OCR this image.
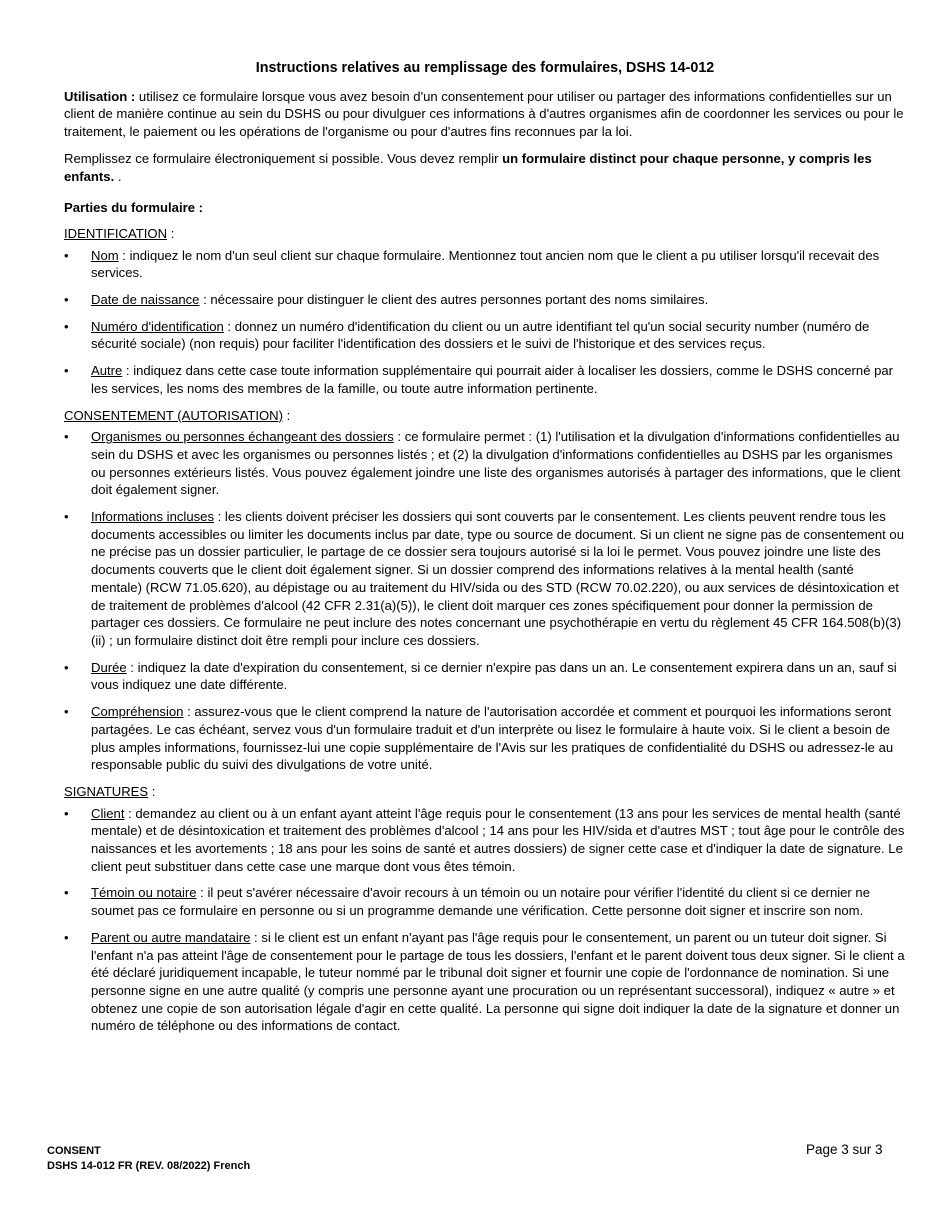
Instructions relatives au remplissage des formulaires, DSHS 14-012

Utilisation : utilisez ce formulaire lorsque vous avez besoin d'un consentement pour utiliser ou partager des informations confidentielles sur un client de manière continue au sein du DSHS ou pour divulguer ces informations à d'autres organismes afin de coordonner les services ou pour le traitement, le paiement ou les opérations de l'organisme ou pour d'autres fins reconnues par la loi.

Remplissez ce formulaire électroniquement si possible. Vous devez remplir un formulaire distinct pour chaque personne, y compris les enfants. .

Parties du formulaire :

IDENTIFICATION :
• Nom : indiquez le nom d'un seul client sur chaque formulaire. Mentionnez tout ancien nom que le client a pu utiliser lorsqu'il recevait des services.
• Date de naissance : nécessaire pour distinguer le client des autres personnes portant des noms similaires.
• Numéro d'identification : donnez un numéro d'identification du client ou un autre identifiant tel qu'un social security number (numéro de sécurité sociale) (non requis) pour faciliter l'identification des dossiers et le suivi de l'historique et des services reçus.
• Autre : indiquez dans cette case toute information supplémentaire qui pourrait aider à localiser les dossiers, comme le DSHS concerné par les services, les noms des membres de la famille, ou toute autre information pertinente.
CONSENTEMENT (AUTORISATION) :
• Organismes ou personnes échangeant des dossiers : ce formulaire permet : (1) l'utilisation et la divulgation d'informations confidentielles au sein du DSHS et avec les organismes ou personnes listés ; et (2) la divulgation d'informations confidentielles au DSHS par les organismes ou personnes extérieurs listés. Vous pouvez également joindre une liste des organismes autorisés à partager des informations, que le client doit également signer.
• Informations incluses : les clients doivent préciser les dossiers qui sont couverts par le consentement. Les clients peuvent rendre tous les documents accessibles ou limiter les documents inclus par date, type ou source de document. Si un client ne signe pas de consentement ou ne précise pas un dossier particulier, le partage de ce dossier sera toujours autorisé si la loi le permet. Vous pouvez joindre une liste des documents couverts que le client doit également signer. Si un dossier comprend des informations relatives à la mental health (santé mentale) (RCW 71.05.620), au dépistage ou au traitement du HIV/sida ou des STD (RCW 70.02.220), ou aux services de désintoxication et de traitement de problèmes d'alcool (42 CFR 2.31(a)(5)), le client doit marquer ces zones spécifiquement pour donner la permission de partager ces dossiers. Ce formulaire ne peut inclure des notes concernant une psychothérapie en vertu du règlement 45 CFR 164.508(b)(3)(ii) ; un formulaire distinct doit être rempli pour inclure ces dossiers.
• Durée : indiquez la date d'expiration du consentement, si ce dernier n'expire pas dans un an. Le consentement expirera dans un an, sauf si vous indiquez une date différente.
• Compréhension : assurez-vous que le client comprend la nature de l'autorisation accordée et comment et pourquoi les informations seront partagées. Le cas échéant, servez vous d'un formulaire traduit et d'un interprète ou lisez le formulaire à haute voix. Si le client a besoin de plus amples informations, fournissez-lui une copie supplémentaire de l'Avis sur les pratiques de confidentialité du DSHS ou adressez-le au responsable public du suivi des divulgations de votre unité.
SIGNATURES :
• Client : demandez au client ou à un enfant ayant atteint l'âge requis pour le consentement (13 ans pour les services de mental health (santé mentale) et de désintoxication et traitement des problèmes d'alcool ; 14 ans pour les HIV/sida et d'autres MST ; tout âge pour le contrôle des naissances et les avortements ; 18 ans pour les soins de santé et autres dossiers) de signer cette case et d'indiquer la date de signature. Le client peut substituer dans cette case une marque dont vous êtes témoin.
• Témoin ou notaire : il peut s'avérer nécessaire d'avoir recours à un témoin ou un notaire pour vérifier l'identité du client si ce dernier ne soumet pas ce formulaire en personne ou si un programme demande une vérification. Cette personne doit signer et inscrire son nom.
• Parent ou autre mandataire : si le client est un enfant n'ayant pas l'âge requis pour le consentement, un parent ou un tuteur doit signer. Si l'enfant n'a pas atteint l'âge de consentement pour le partage de tous les dossiers, l'enfant et le parent doivent tous deux signer. Si le client a été déclaré juridiquement incapable, le tuteur nommé par le tribunal doit signer et fournir une copie de l'ordonnance de nomination. Si une personne signe en une autre qualité (y compris une personne ayant une procuration ou un représentant successoral), indiquez « autre » et obtenez une copie de son autorisation légale d'agir en cette qualité. La personne qui signe doit indiquer la date de la signature et donner un numéro de téléphone ou des informations de contact.
CONSENT
DSHS 14-012 FR (REV. 08/2022) French
Page 3 sur 3
